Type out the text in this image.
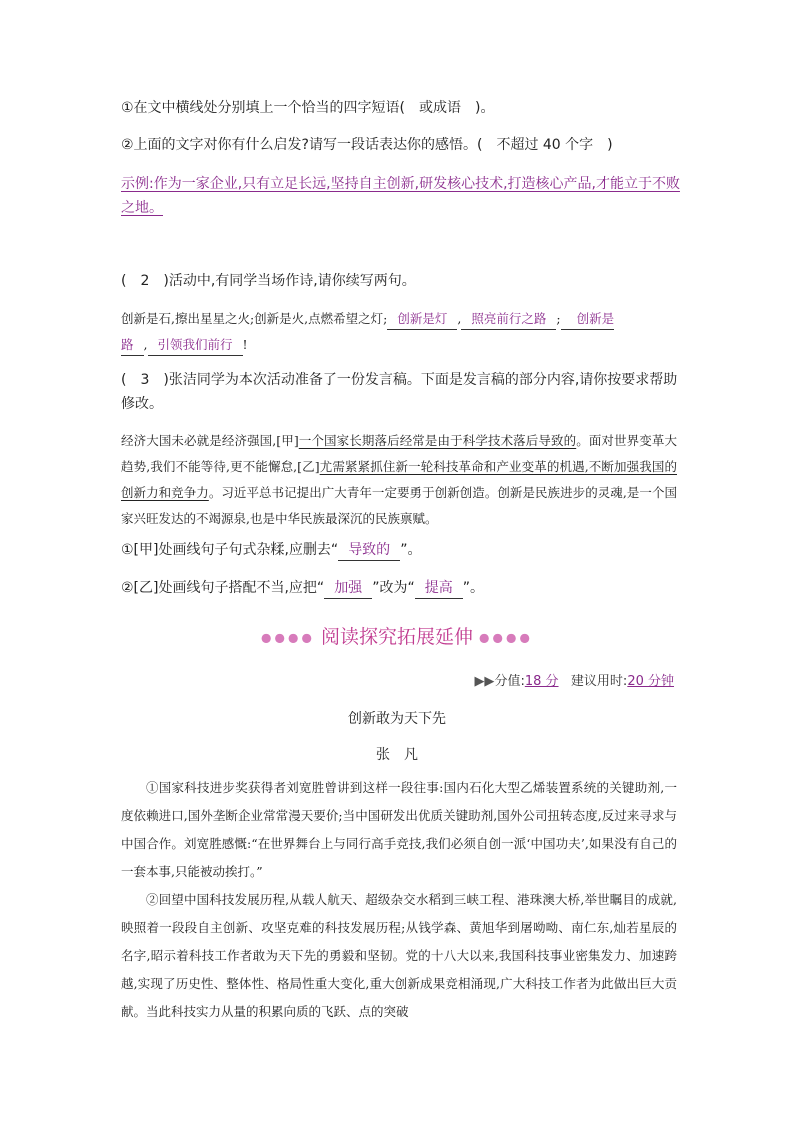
①在文中横线处分别填上一个恰当的四字短语(　或成语　)。
②上面的文字对你有什么启发?请写一段话表达你的感悟。(　不超过 40 个字　)
示例:作为一家企业,只有立足长远,坚持自主创新,研发核心技术,打造核心产品,才能立于不败
之地。
(　2　)活动中,有同学当场作诗,请你续写两句。
创新是石,擦出星星之火;创新是火,点燃希望之灯; 创新是灯 , 照亮前行之路 ; 创新是
路 , 引领我们前行 !
(　3　)张洁同学为本次活动准备了一份发言稿。下面是发言稿的部分内容,请你按要求帮助
修改。
经济大国未必就是经济强国,[甲]一个国家长期落后经常是由于科学技术落后导致的。面对世界变革大趋势,我们不能等待,更不能懈怠,[乙]尤需紧紧抓住新一轮科技革命和产业变革的机遇,不断加强我国的创新力和竞争力。习近平总书记提出广大青年一定要勇于创新创造。创新是民族进步的灵魂,是一个国家兴旺发达的不竭源泉,也是中华民族最深沉的民族禀赋。
①[甲]处画线句子句式杂糅,应删去“ 导致的 ”。
②[乙]处画线句子搭配不当,应把“ 加强 ”改为“ 提高 ”。
●●●● 阅读探究拓展延伸 ●●●●
▶▶分值:18 分 建议用时:20 分钟
创新敢为天下先
张　凡
①国家科技进步奖获得者刘宽胜曾讲到这样一段往事:国内石化大型乙烯装置系统的关键助剂,一度依赖进口,国外垄断企业常常漫天要价;当中国研发出优质关键助剂,国外公司扭转态度,反过来寻求与中国合作。刘宽胜感慨:“在世界舞台上与同行高手竞技,我们必须自创一派‘中国功夫’,如果没有自己的一套本事,只能被动挨打。”
②回望中国科技发展历程,从载人航天、超级杂交水稻到三峡工程、港珠澳大桥,举世瞩目的成就,映照着一段段自主创新、攻坚克难的科技发展历程;从钱学森、黄旭华到屠呦呦、南仁东,灿若星辰的名字,昭示着科技工作者敢为天下先的勇毅和坚韧。党的十八大以来,我国科技事业密集发力、加速跨越,实现了历史性、整体性、格局性重大变化,重大创新成果竞相涌现,广大科技工作者为此做出巨大贡献。当此科技实力从量的积累向质的飞跃、点的突破
